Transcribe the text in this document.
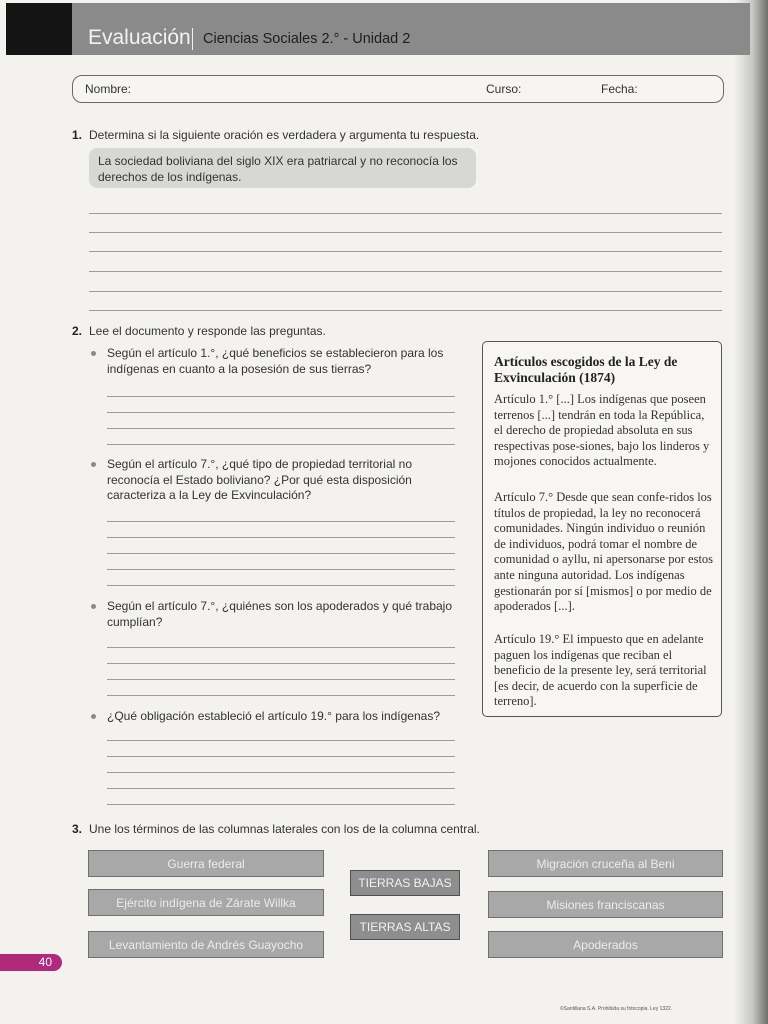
Evaluación Ciencias Sociales 2.° - Unidad 2
Nombre:	Curso:	Fecha:
1. Determina si la siguiente oración es verdadera y argumenta tu respuesta.
La sociedad boliviana del siglo XIX era patriarcal y no reconocía los derechos de los indígenas.
2. Lee el documento y responde las preguntas.
Según el artículo 1.°, ¿qué beneficios se establecieron para los indígenas en cuanto a la posesión de sus tierras?
Según el artículo 7.°, ¿qué tipo de propiedad territorial no reconocía el Estado boliviano? ¿Por qué esta disposición caracteriza a la Ley de Exvinculación?
Según el artículo 7.°, ¿quiénes son los apoderados y qué trabajo cumplían?
¿Qué obligación estableció el artículo 19.° para los indígenas?
Artículos escogidos de la Ley de Exvinculación (1874)
Artículo 1.° [...] Los indígenas que poseen terrenos [...] tendrán en toda la República, el derecho de propiedad absoluta en sus respectivas pose-siones, bajo los linderos y mojones conocidos actualmente.
Artículo 7.° Desde que sean confe-ridos los títulos de propiedad, la ley no reconocerá comunidades. Ningún individuo o reunión de individuos, podrá tomar el nombre de comunidad o ayllu, ni apersonarse por estos ante ninguna autoridad. Los indígenas gestionarán por sí [mismos] o por medio de apoderados [...].
Artículo 19.° El impuesto que en adelante paguen los indígenas que reciban el beneficio de la presente ley, será territorial [es decir, de acuerdo con la superficie de terreno].
3. Une los términos de las columnas laterales con los de la columna central.
Guerra federal
Ejército indígena de Zárate Willka
Levantamiento de Andrés Guayocho
TIERRAS BAJAS
TIERRAS ALTAS
Migración cruceña al Beni
Misiones franciscanas
Apoderados
40
©Santillana S.A. Prohibida su fotocopia. Ley 1322.
